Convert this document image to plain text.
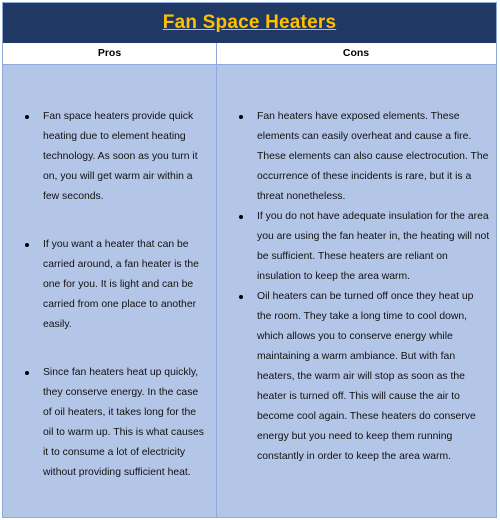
Fan Space Heaters
Pros	Cons
Fan space heaters provide quick heating due to element heating technology. As soon as you turn it on, you will get warm air within a few seconds.
If you want a heater that can be carried around, a fan heater is the one for you. It is light and can be carried from one place to another easily.
Since fan heaters heat up quickly, they conserve energy. In the case of oil heaters, it takes long for the oil to warm up. This is what causes it to consume a lot of electricity without providing sufficient heat.
Fan heaters have exposed elements. These elements can easily overheat and cause a fire. These elements can also cause electrocution. The occurrence of these incidents is rare, but it is a threat nonetheless.
If you do not have adequate insulation for the area you are using the fan heater in, the heating will not be sufficient. These heaters are reliant on insulation to keep the area warm.
Oil heaters can be turned off once they heat up the room. They take a long time to cool down, which allows you to conserve energy while maintaining a warm ambiance. But with fan heaters, the warm air will stop as soon as the heater is turned off. This will cause the air to become cool again. These heaters do conserve energy but you need to keep them running constantly in order to keep the area warm.
